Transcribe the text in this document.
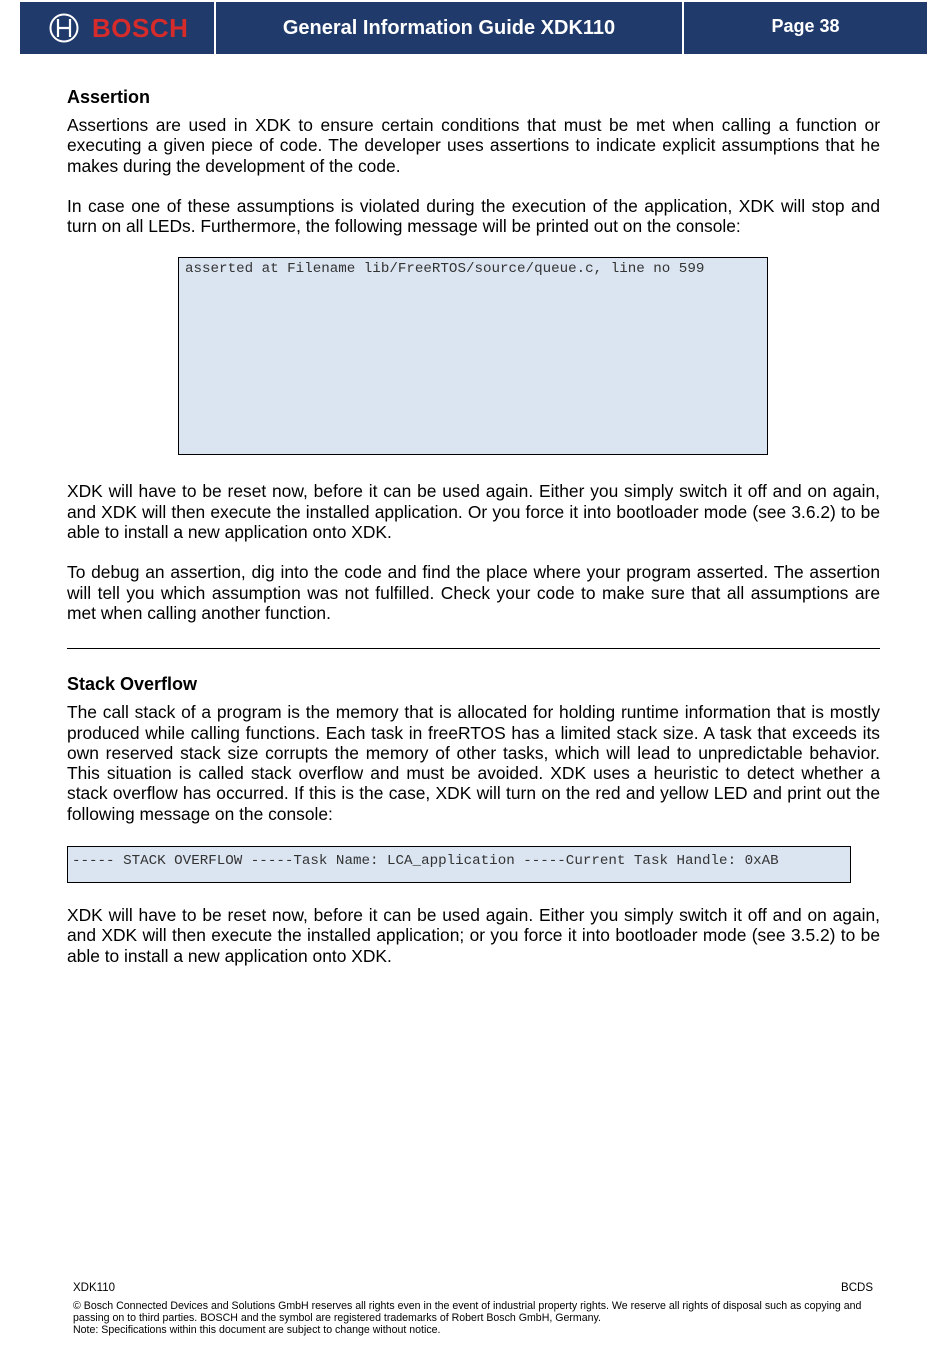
BOSCH	General Information Guide XDK110	Page 38
Assertion

Assertions are used in XDK to ensure certain conditions that must be met when calling a function or executing a given piece of code. The developer uses assertions to indicate explicit assumptions that he makes during the development of the code.

In case one of these assumptions is violated during the execution of the application, XDK will stop and turn on all LEDs. Furthermore, the following message will be printed out on the console:

asserted at Filename lib/FreeRTOS/source/queue.c, line no 599

XDK will have to be reset now, before it can be used again. Either you simply switch it off and on again, and XDK will then execute the installed application. Or you force it into bootloader mode (see 3.6.2) to be able to install a new application onto XDK.

To debug an assertion, dig into the code and find the place where your program asserted. The assertion will tell you which assumption was not fulfilled. Check your code to make sure that all assumptions are met when calling another function.

Stack Overflow

The call stack of a program is the memory that is allocated for holding runtime information that is mostly produced while calling functions. Each task in freeRTOS has a limited stack size. A task that exceeds its own reserved stack size corrupts the memory of other tasks, which will lead to unpredictable behavior. This situation is called stack overflow and must be avoided. XDK uses a heuristic to detect whether a stack overflow has occurred. If this is the case, XDK will turn on the red and yellow LED and print out the following message on the console:

----- STACK OVERFLOW -----Task Name: LCA_application -----Current Task Handle: 0xAB

XDK will have to be reset now, before it can be used again. Either you simply switch it off and on again, and XDK will then execute the installed application; or you force it into bootloader mode (see 3.5.2) to be able to install a new application onto XDK.

XDK110	BCDS
© Bosch Connected Devices and Solutions GmbH reserves all rights even in the event of industrial property rights. We reserve all rights of disposal such as copying and passing on to third parties. BOSCH and the symbol are registered trademarks of Robert Bosch GmbH, Germany.
Note: Specifications within this document are subject to change without notice.
